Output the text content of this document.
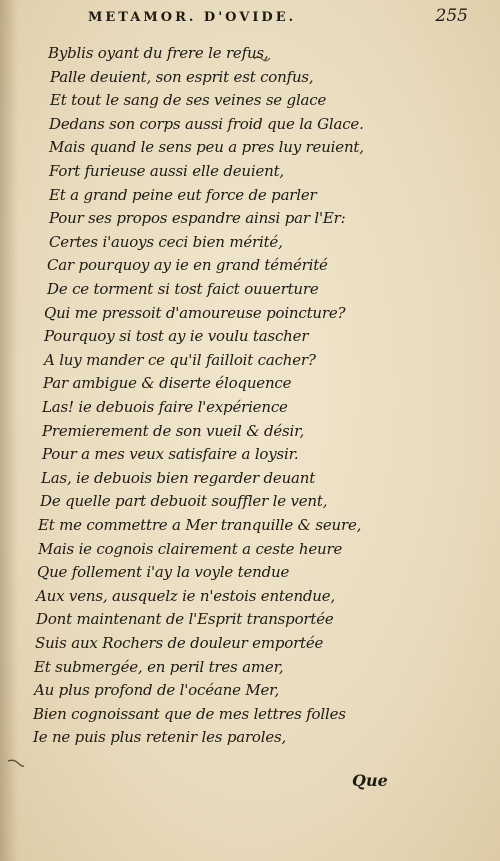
METAMOR. D'OVIDE.	255
Byblis oyant du frere le refus,
Palle deuient, son esprit est confus,
Et tout le sang de ses veines se glace
Dedans son corps aussi froid que la Glace.
Mais quand le sens peu a pres luy reuient,
Fort furieuse aussi elle deuient,
Et a grand peine eut force de parler
Pour ses propos espandre ainsi par l'Er:
Certes i'auoys ceci bien mérité,
Car pourquoy ay ie en grand témérité
De ce torment si tost faict ouuerture
Qui me pressoit d'amoureuse poincture?
Pourquoy si tost ay ie voulu tascher
A luy mander ce qu'il failloit cacher?
Par ambigue & diserte éloquence
Las! ie debuois faire l'expérience
Premierement de son vueil & désir,
Pour a mes veux satisfaire a loysir.
Las, ie debuois bien regarder deuant
De quelle part debuoit souffler le vent,
Et me commettre a Mer tranquille & seure,
Mais ie cognois clairement a ceste heure
Que follement i'ay la voyle tendue
Aux vens, ausquelz ie n'estois entendue,
Dont maintenant de l'Esprit transportée
Suis aux Rochers de douleur emportée
Et submergée, en peril tres amer,
Au plus profond de l'océane Mer,
Bien cognoissant que de mes lettres folles
Ie ne puis plus retenir les paroles,
Que
